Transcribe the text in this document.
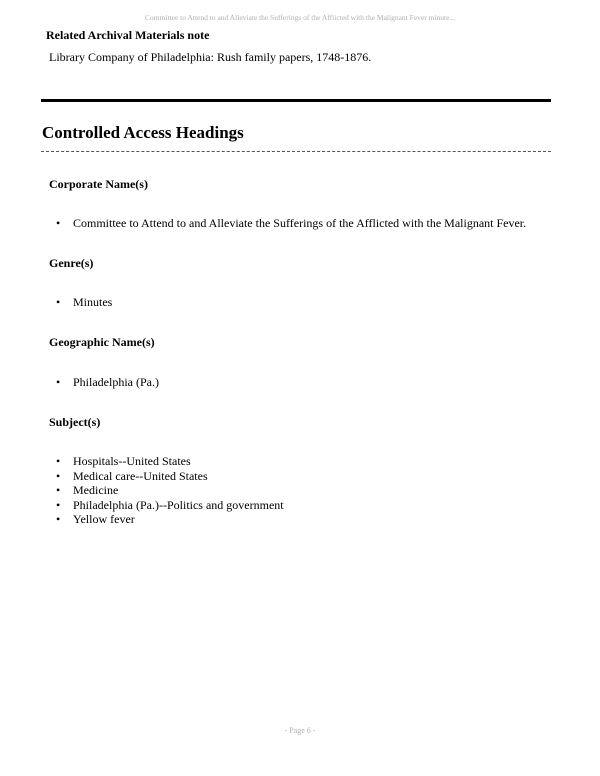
Committee to Attend to and Alleviate the Sufferings of the Afflicted with the Malignant Fever minute...
Related Archival Materials note
Library Company of Philadelphia: Rush family papers, 1748-1876.
Controlled Access Headings
Corporate Name(s)
• Committee to Attend to and Alleviate the Sufferings of the Afflicted with the Malignant Fever.
Genre(s)
• Minutes
Geographic Name(s)
• Philadelphia (Pa.)
Subject(s)
• Hospitals--United States
• Medical care--United States
• Medicine
• Philadelphia (Pa.)--Politics and government
• Yellow fever
- Page 6 -
